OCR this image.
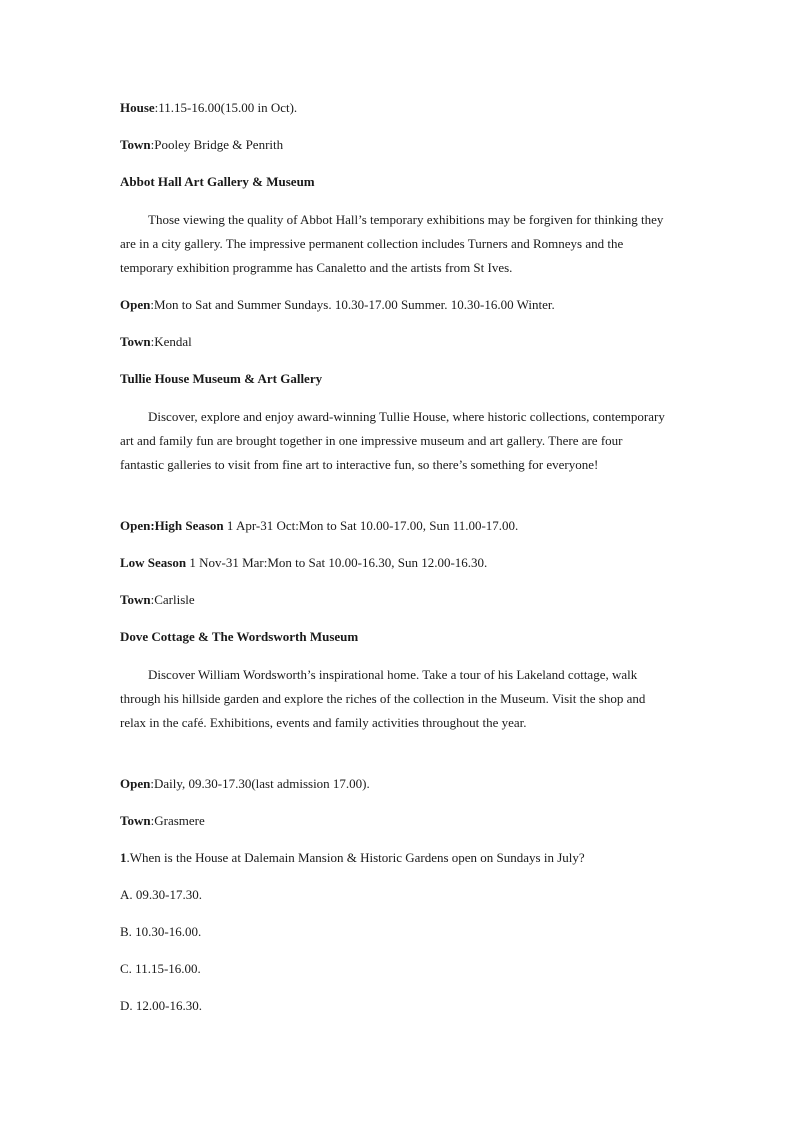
House:11.15-16.00(15.00 in Oct).
Town:Pooley Bridge & Penrith
Abbot Hall Art Gallery & Museum
Those viewing the quality of Abbot Hall’s temporary exhibitions may be forgiven for thinking they are in a city gallery. The impressive permanent collection includes Turners and Romneys and the temporary exhibition programme has Canaletto and the artists from St Ives.
Open:Mon to Sat and Summer Sundays. 10.30-17.00 Summer. 10.30-16.00 Winter.
Town:Kendal
Tullie House Museum & Art Gallery
Discover, explore and enjoy award-winning Tullie House, where historic collections, contemporary art and family fun are brought together in one impressive museum and art gallery. There are four fantastic galleries to visit from fine art to interactive fun, so there’s something for everyone!
Open:High Season 1 Apr-31 Oct:Mon to Sat 10.00-17.00, Sun 11.00-17.00.
Low Season 1 Nov-31 Mar:Mon to Sat 10.00-16.30, Sun 12.00-16.30.
Town:Carlisle
Dove Cottage & The Wordsworth Museum
Discover William Wordsworth’s inspirational home. Take a tour of his Lakeland cottage, walk through his hillside garden and explore the riches of the collection in the Museum. Visit the shop and relax in the café. Exhibitions, events and family activities throughout the year.
Open:Daily, 09.30-17.30(last admission 17.00).
Town:Grasmere
1.When is the House at Dalemain Mansion & Historic Gardens open on Sundays in July?
A. 09.30-17.30.
B. 10.30-16.00.
C. 11.15-16.00.
D. 12.00-16.30.
